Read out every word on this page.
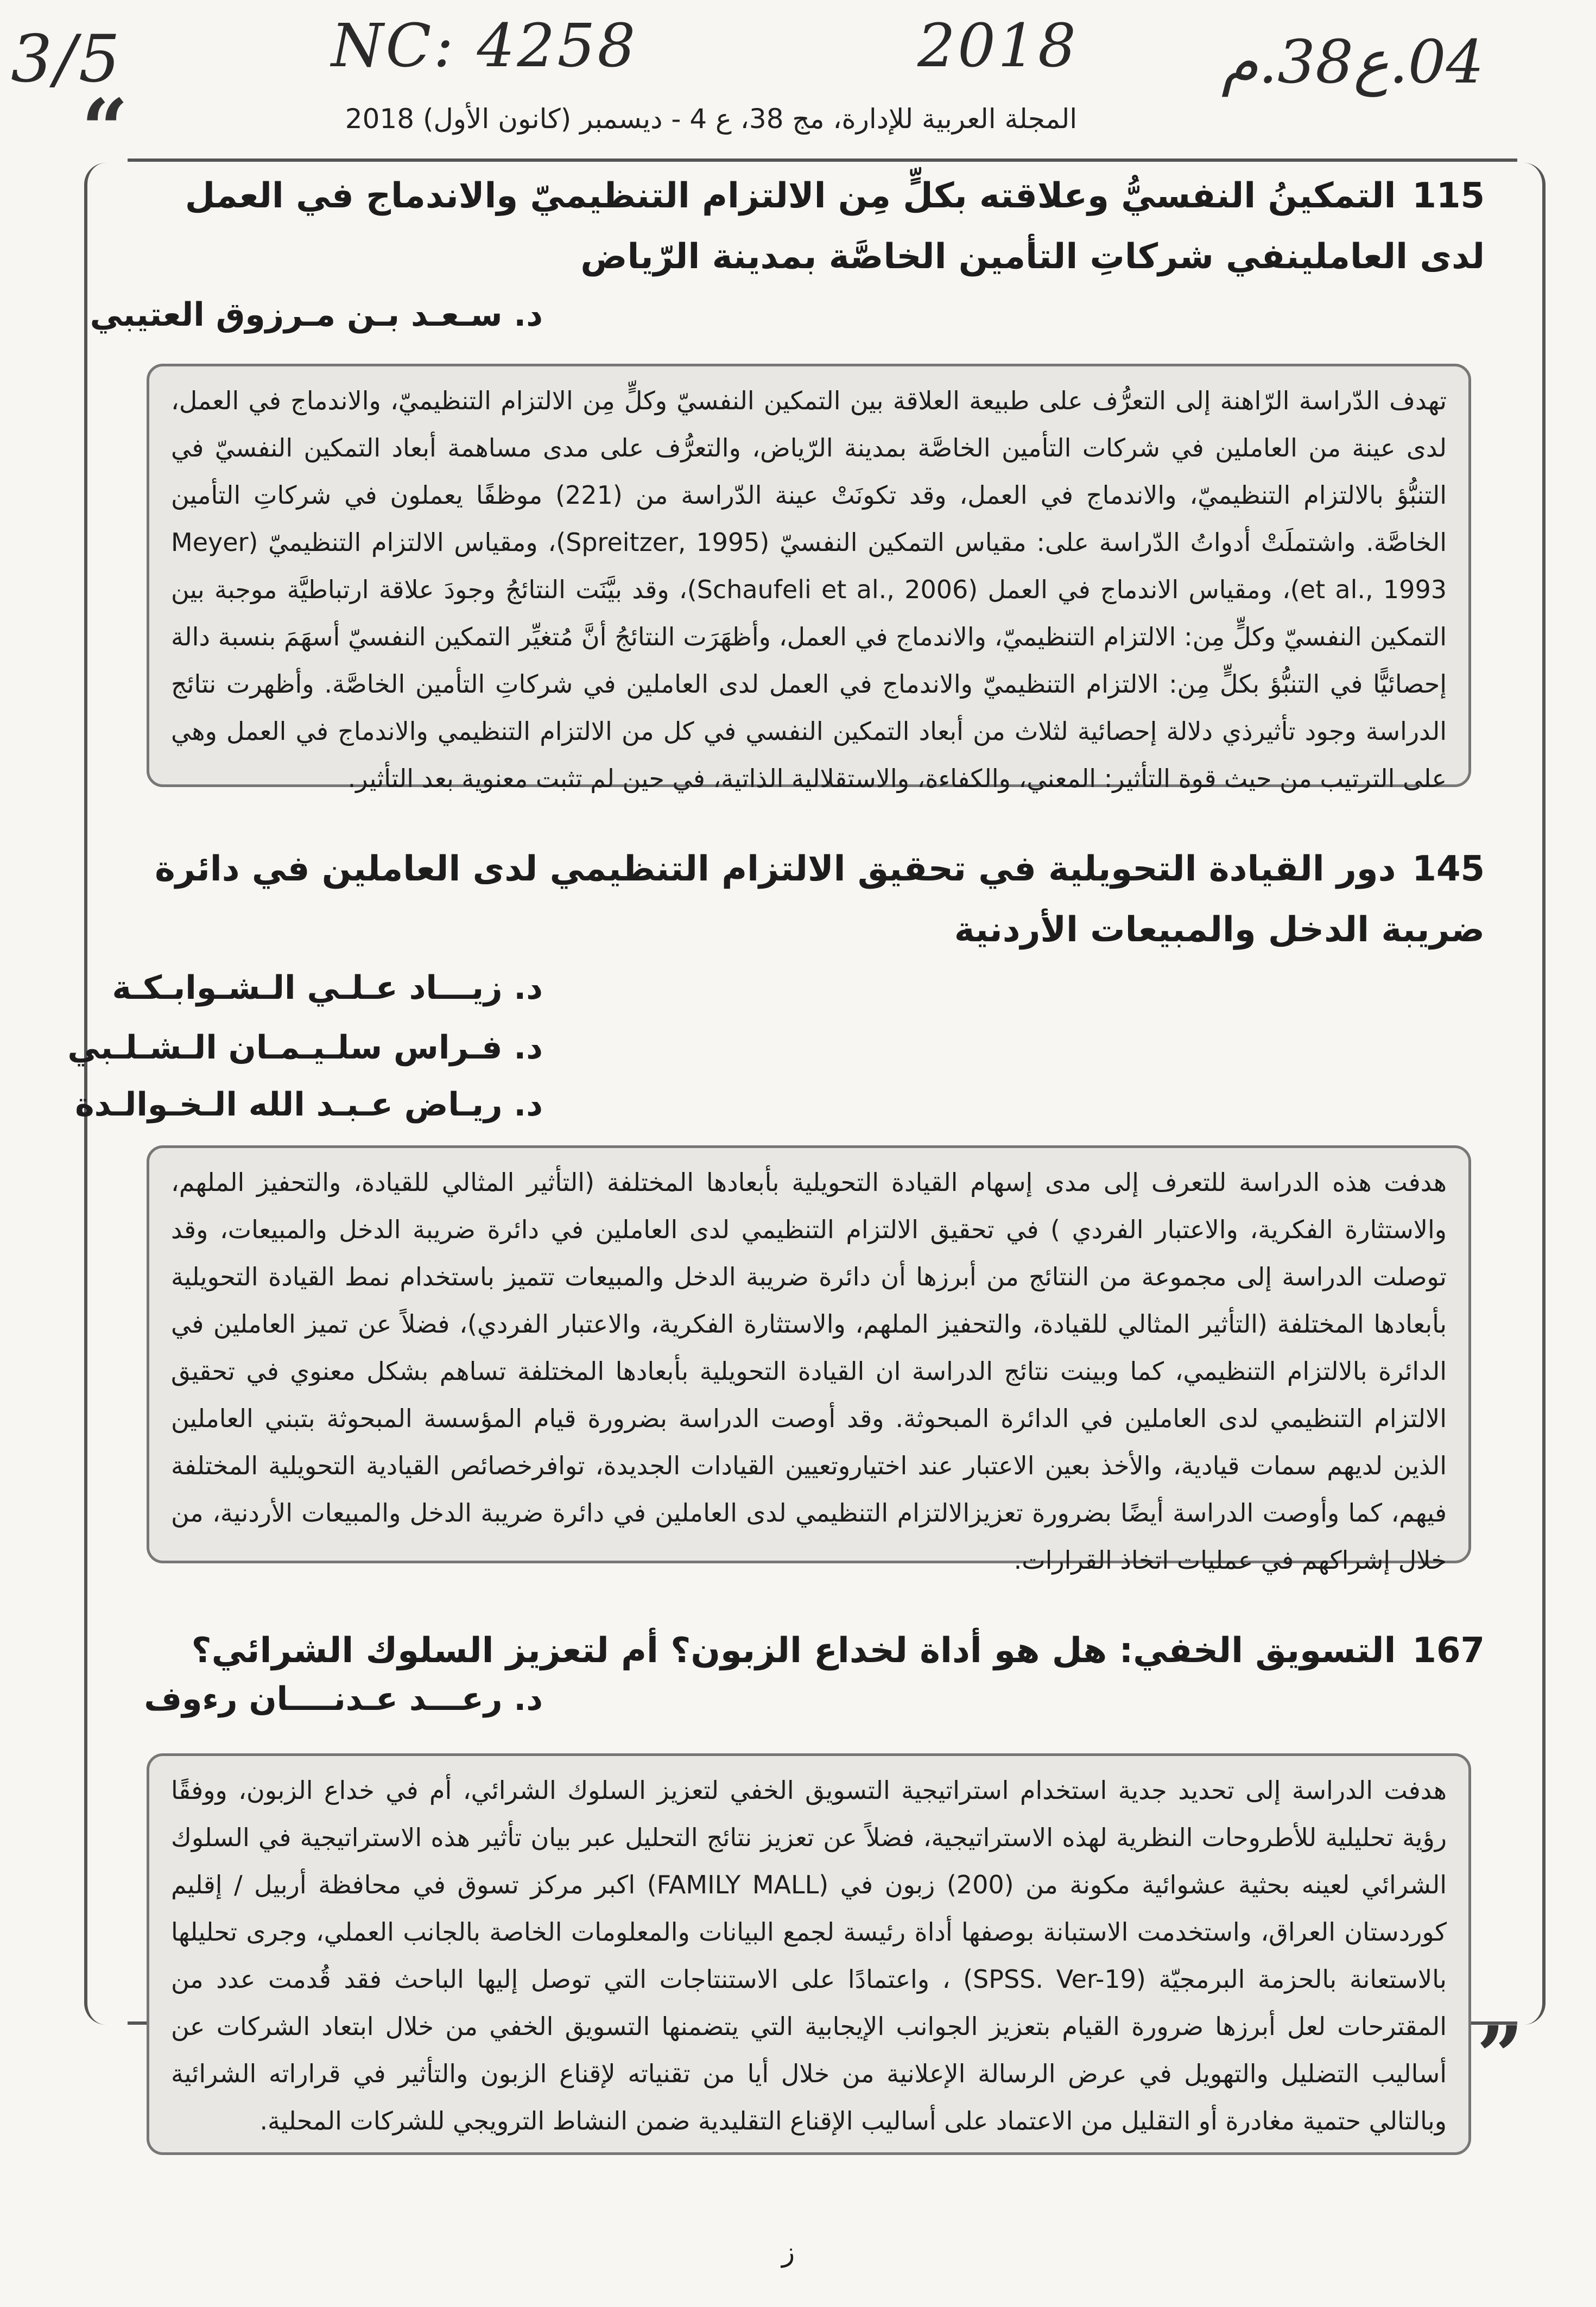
3/5	NC: 4258	2018 04.ع38.م
المجلة العربية للإدارة، مج 38، ع 4 - ديسمبر (كانون الأول) 2018
“
”
115التمكينُ النفسيُّ وعلاقته بكلٍّ مِن الالتزام التنظيميّ والاندماج في العمل لدى العاملينفي شركاتِ التأمين الخاصَّة بمدينة الرّياض
د. سـعـد بـن مـرزوق العتيبي
تهدف الدّراسة الرّاهنة إلى التعرُّف على طبيعة العلاقة بين التمكين النفسيّ وكلٍّ مِن الالتزام التنظيميّ، والاندماج في العمل، لدى عينة من العاملين في شركات التأمين الخاصَّة بمدينة الرّياض، والتعرُّف على مدى مساهمة أبعاد التمكين النفسيّ في التنبُّؤ بالالتزام التنظيميّ، والاندماج في العمل، وقد تكونَتْ عينة الدّراسة من (221) موظفًا يعملون في شركاتِ التأمين الخاصَّة. واشتملَتْ أدواتُ الدّراسة على: مقياس التمكين النفسيّ (Spreitzer, 1995)، ومقياس الالتزام التنظيميّ (Meyer et al., 1993)، ومقياس الاندماج في العمل (Schaufeli et al., 2006)، وقد بيَّنَت النتائجُ وجودَ علاقة ارتباطيَّة موجبة بين التمكين النفسيّ وكلٍّ مِن: الالتزام التنظيميّ، والاندماج في العمل، وأظهَرَت النتائجُ أنَّ مُتغيِّر التمكين النفسيّ أسهَمَ بنسبة دالة إحصائيًّا في التنبُّؤ بكلٍّ مِن: الالتزام التنظيميّ والاندماج في العمل لدى العاملين في شركاتِ التأمين الخاصَّة. وأظهرت نتائج الدراسة وجود تأثيرذي دلالة إحصائية لثلاث من أبعاد التمكين النفسي في كل من الالتزام التنظيمي والاندماج في العمل وهي على الترتيب من حيث قوة التأثير: المعني، والكفاءة، والاستقلالية الذاتية، في حين لم تثبت معنوية بعد التأثير.
145دور القيادة التحويلية في تحقيق الالتزام التنظيمي لدى العاملين في دائرة ضريبة الدخل والمبيعات الأردنية
د. زيـــاد عـلـي الـشـوابـكـة
د. فـراس سلـيـمـان الـشـلـبي
د. ريـاض عـبـد الله الـخـوالـدة
هدفت هذه الدراسة للتعرف إلى مدى إسهام القيادة التحويلية بأبعادها المختلفة (التأثير المثالي للقيادة، والتحفيز الملهم، والاستثارة الفكرية، والاعتبار الفردي ) في تحقيق الالتزام التنظيمي لدى العاملين في دائرة ضريبة الدخل والمبيعات، وقد توصلت الدراسة إلى مجموعة من النتائج من أبرزها أن دائرة ضريبة الدخل والمبيعات تتميز باستخدام نمط القيادة التحويلية بأبعادها المختلفة (التأثير المثالي للقيادة، والتحفيز الملهم، والاستثارة الفكرية، والاعتبار الفردي)، فضلاً عن تميز العاملين في الدائرة بالالتزام التنظيمي، كما وبينت نتائج الدراسة ان القيادة التحويلية بأبعادها المختلفة تساهم بشكل معنوي في تحقيق الالتزام التنظيمي لدى العاملين في الدائرة المبحوثة. وقد أوصت الدراسة بضرورة قيام المؤسسة المبحوثة بتبني العاملين الذين لديهم سمات قيادية، والأخذ بعين الاعتبار عند اختياروتعيين القيادات الجديدة، توافرخصائص القيادية التحويلية المختلفة فيهم، كما وأوصت الدراسة أيضًا بضرورة تعزيزالالتزام التنظيمي لدى العاملين في دائرة ضريبة الدخل والمبيعات الأردنية، من خلال إشراكهم في عمليات اتخاذ القرارات.
167التسويق الخفي: هل هو أداة لخداع الزبون؟ أم لتعزيز السلوك الشرائي؟
د. رعـــد عـدنــــان رءوف
هدفت الدراسة إلى تحديد جدية استخدام استراتيجية التسويق الخفي لتعزيز السلوك الشرائي، أم في خداع الزبون، ووفقًا رؤية تحليلية للأطروحات النظرية لهذه الاستراتيجية، فضلاً عن تعزيز نتائج التحليل عبر بيان تأثير هذه الاستراتيجية في السلوك الشرائي لعينه بحثية عشوائية مكونة من (200) زبون في (FAMILY MALL) اكبر مركز تسوق في محافظة أربيل / إقليم كوردستان العراق، واستخدمت الاستبانة بوصفها أداة رئيسة لجمع البيانات والمعلومات الخاصة بالجانب العملي، وجرى تحليلها بالاستعانة بالحزمة البرمجيّة (SPSS. Ver-19) ، واعتمادًا على الاستنتاجات التي توصل إليها الباحث فقد قُدمت عدد من المقترحات لعل أبرزها ضرورة القيام بتعزيز الجوانب الإيجابية التي يتضمنها التسويق الخفي من خلال ابتعاد الشركات عن أساليب التضليل والتهويل في عرض الرسالة الإعلانية من خلال أيا من تقنياته لإقناع الزبون والتأثير في قراراته الشرائية وبالتالي حتمية مغادرة أو التقليل من الاعتماد على أساليب الإقناع التقليدية ضمن النشاط الترويجي للشركات المحلية.
ز
